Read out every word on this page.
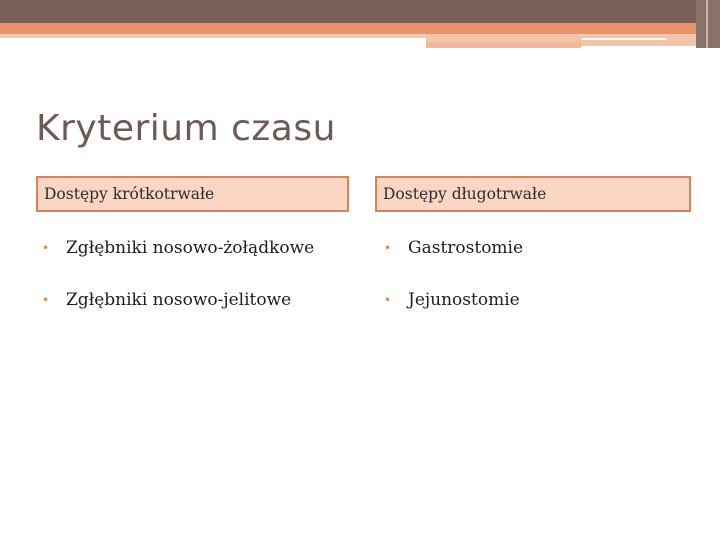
Kryterium czasu
Dostępy krótkotrwałe	Dostępy długotrwałe
• Zgłębniki nosowo-żołądkowe
• Zgłębniki nosowo-jelitowe
• Gastrostomie
• Jejunostomie
